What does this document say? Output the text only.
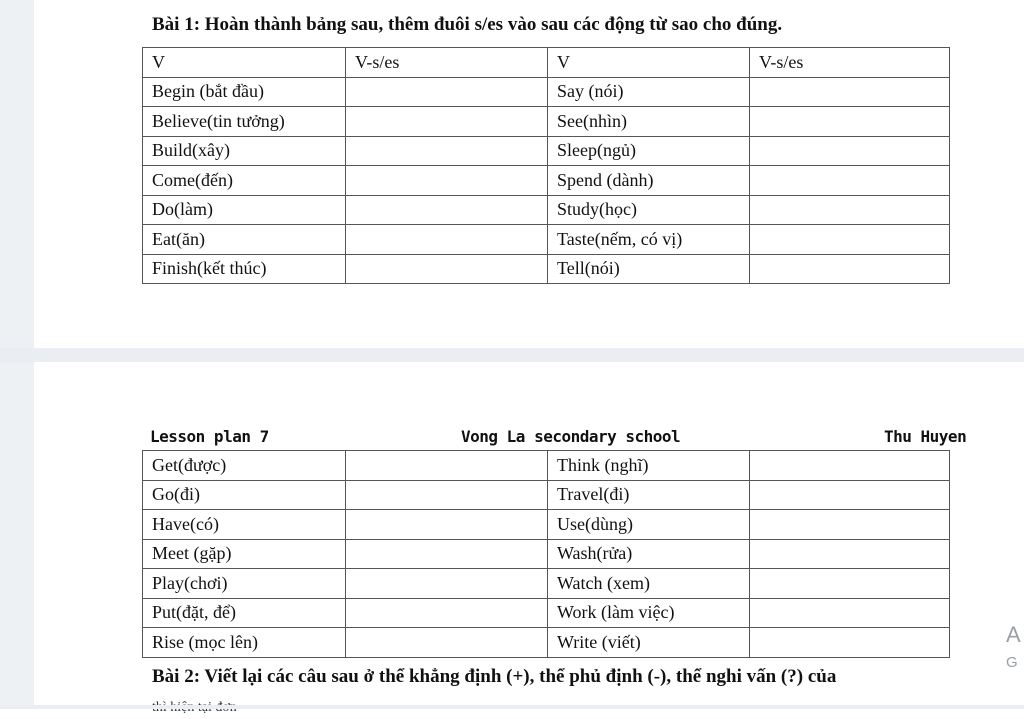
Bài 1: Hoàn thành bảng sau, thêm đuôi s/es vào sau các động từ sao cho đúng.
V	V-s/es	V	V-s/es
Begin (bắt đầu)		Say (nói)	
Believe(tin tưởng)		See(nhìn)	
Build(xây)		Sleep(ngủ)	
Come(đến)		Spend (dành)	
Do(làm)		Study(học)	
Eat(ăn)		Taste(nếm, có vị)	
Finish(kết thúc)		Tell(nói)	
Lesson plan 7	Vong La secondary school	Thu Huyen
Get(được)		Think (nghĩ)	
Go(đi)		Travel(đi)	
Have(có)		Use(dùng)	
Meet (gặp)		Wash(rửa)	
Play(chơi)		Watch (xem)	
Put(đặt, để)		Work (làm việc)	
Rise (mọc lên)		Write (viết)	
Bài 2: Viết lại các câu sau ở thể khẳng định (+), thể phủ định (-), thể nghi vấn (?) của
A
G
